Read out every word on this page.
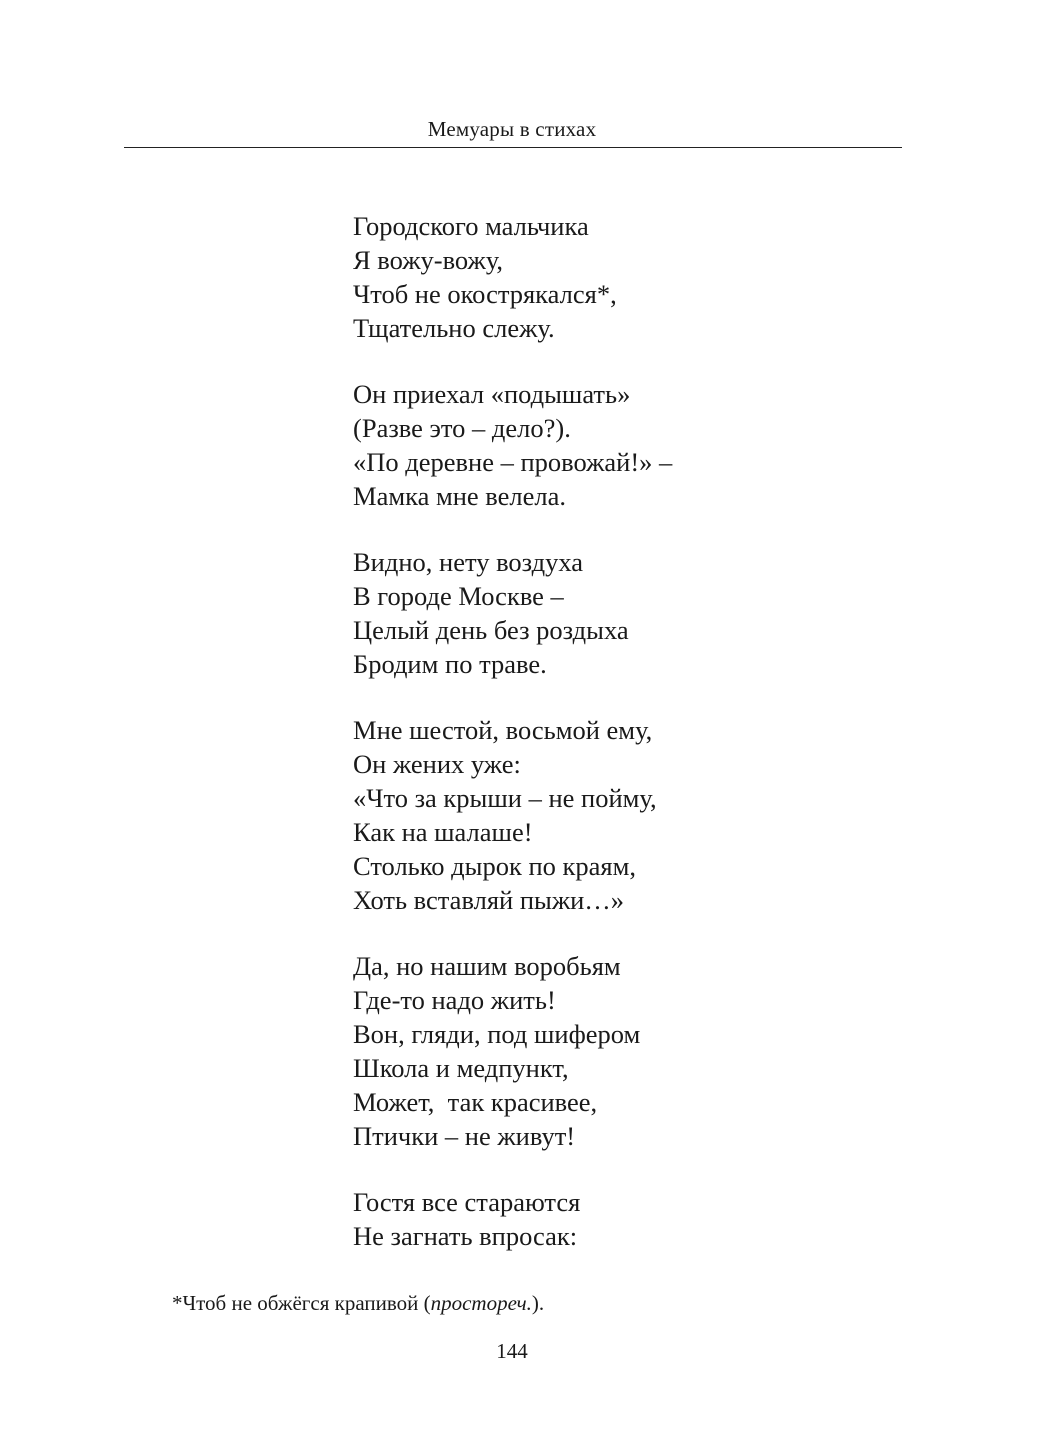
Мемуары в стихах
Городского мальчика
Я вожу-вожу,
Чтоб не окострякался*,
Тщательно слежу.
Он приехал «подышать»
(Разве это – дело?).
«По деревне – провожай!» –
Мамка мне велела.
Видно, нету воздуха
В городе Москве –
Целый день без роздыха
Бродим по траве.
Мне шестой, восьмой ему,
Он жених уже:
«Что за крыши – не пойму,
Как на шалаше!
Столько дырок по краям,
Хоть вставляй пыжи…»
Да, но нашим воробьям
Где-то надо жить!
Вон, гляди, под шифером
Школа и медпункт,
Может,  так красивее,
Птички – не живут!
Гостя все стараются
Не загнать впросак:
*Чтоб не обжёгся крапивой (простореч.).
144
